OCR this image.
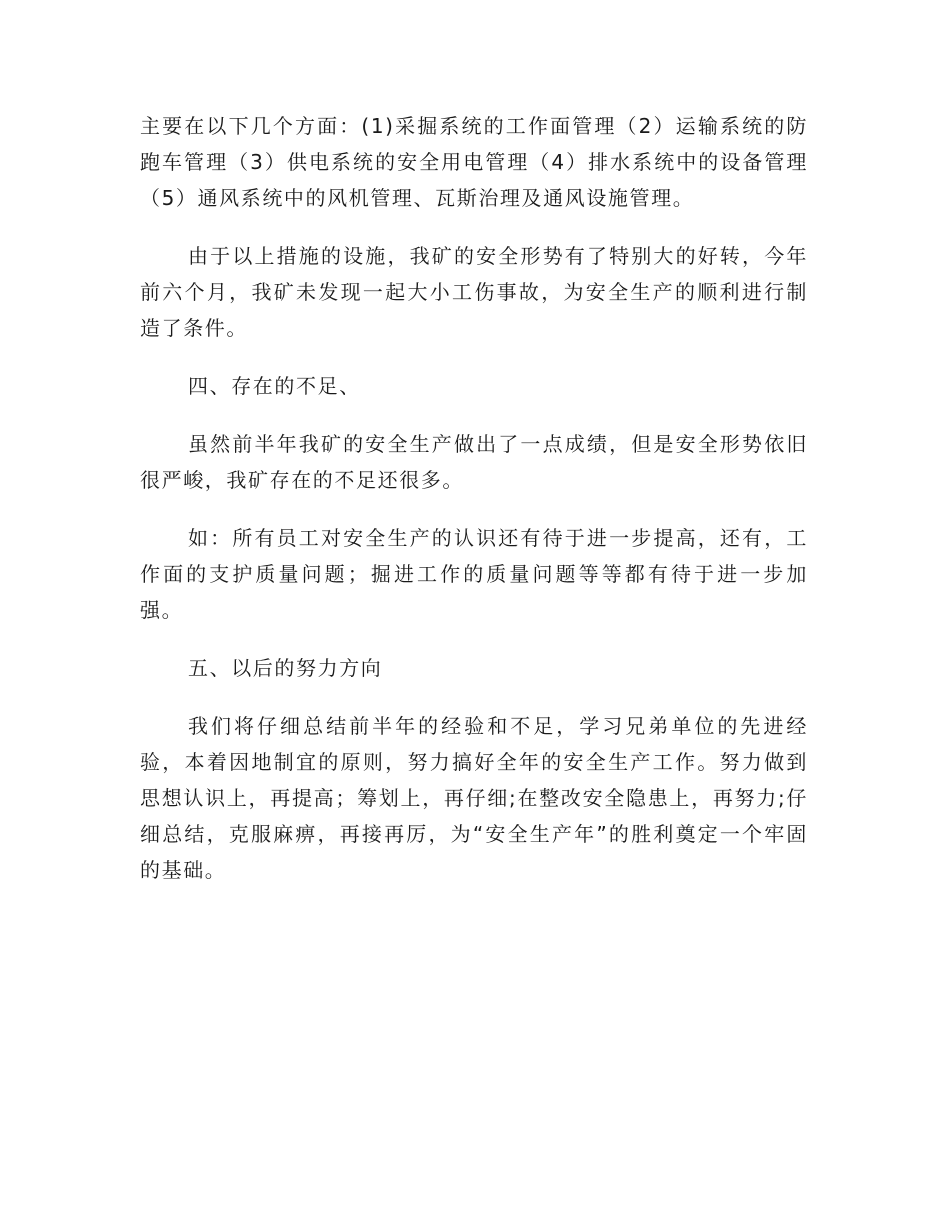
主要在以下几个方面：(1)采掘系统的工作面管理（2）运输系统的防跑车管理（3）供电系统的安全用电管理（4）排水系统中的设备管理（5）通风系统中的风机管理、瓦斯治理及通风设施管理。

由于以上措施的设施，我矿的安全形势有了特别大的好转，今年前六个月，我矿未发现一起大小工伤事故，为安全生产的顺利进行制造了条件。

四、存在的不足、

虽然前半年我矿的安全生产做出了一点成绩，但是安全形势依旧很严峻，我矿存在的不足还很多。

如：所有员工对安全生产的认识还有待于进一步提高，还有，工作面的支护质量问题；掘进工作的质量问题等等都有待于进一步加强。

五、以后的努力方向

我们将仔细总结前半年的经验和不足，学习兄弟单位的先进经验，本着因地制宜的原则，努力搞好全年的安全生产工作。努力做到思想认识上，再提高；筹划上，再仔细;在整改安全隐患上，再努力;仔细总结，克服麻痹，再接再厉，为“安全生产年”的胜利奠定一个牢固的基础。
